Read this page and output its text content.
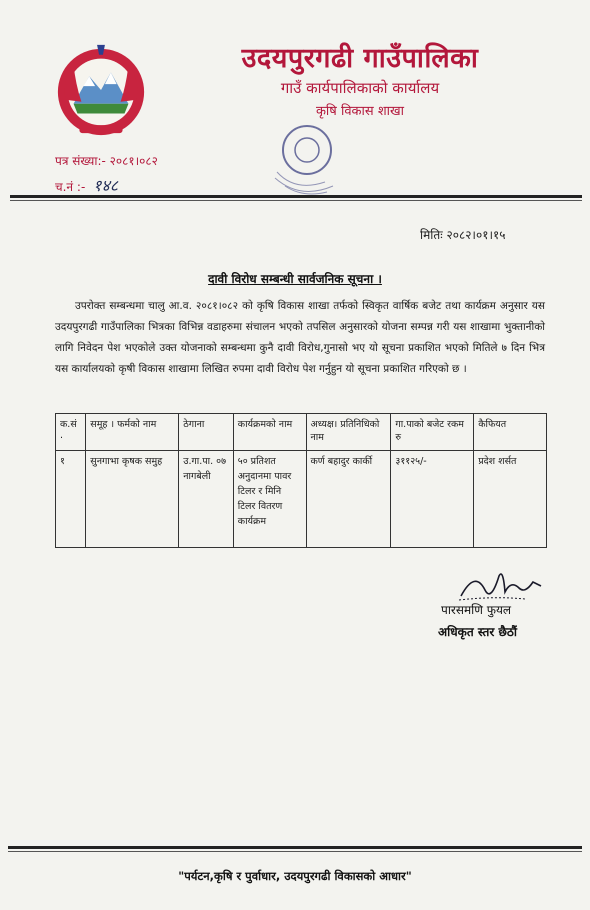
उदयपुरगढी गाउँपालिका
गाउँ कार्यपालिकाको कार्यालय
कृषि विकास शाखा
पत्र संख्या:- २०८१।०८२
च.नं :- १४८
मितिः २०८२।०१।१५
दावी विरोध सम्बन्धी सार्वजनिक सूचना ।
उपरोक्त सम्बन्धमा चालु आ.व. २०८१।०८२ को कृषि विकास शाखा तर्फको स्विकृत वार्षिक बजेट तथा कार्यक्रम अनुसार यस उदयपुरगढी गाउँपालिका भित्रका विभिन्न वडाहरुमा संचालन भएको तपसिल अनुसारको योजना सम्पन्न गरी यस शाखामा भुक्तानीको लागि निवेदन पेश भएकोले उक्त योजनाको सम्बन्धमा कुनै दावी विरोध,गुनासो भए यो सूचना प्रकाशित भएको मितिले ७ दिन भित्र यस कार्यालयको कृषी विकास शाखामा लिखित रुपमा दावी विरोध पेश गर्नुहुन यो सूचना प्रकाशित गरिएको छ ।
क.सं .	समूह । फर्मको नाम	ठेगाना	कार्यक्रमको नाम	अध्यक्ष। प्रतिनिधिको नाम	गा.पाको बजेट रकम रु	कैफियत
१	सुनगाभा कृषक समुह	उ.गा.पा. ०७ नागबेली	५० प्रतिशत अनुदानमा पावर टिलर र मिनि टिलर वितरण कार्यक्रम	कर्ण बहादुर कार्की	३११२५/-	प्रदेश शर्सत
पारसमणि फुयल
अधिकृत स्तर छैठौं
"पर्यटन,कृषि र पुर्वाधार, उदयपुरगढी विकासको आधार"
